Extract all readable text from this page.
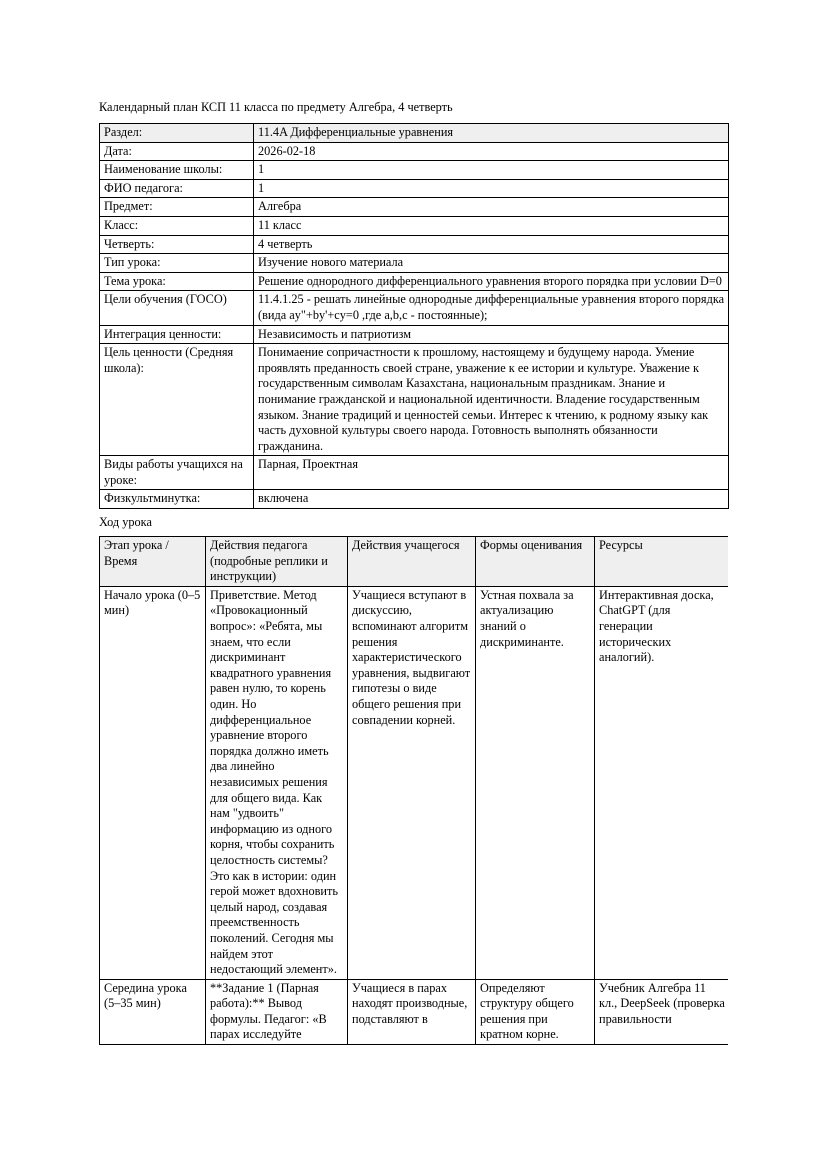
Календарный план КСП 11 класса по предмету Алгебра, 4 четверть

Раздел:	11.4A Дифференциальные уравнения
Дата:	2026-02-18
Наименование школы:	1
ФИО педагога:	1
Предмет:	Алгебра
Класс:	11 класс
Четверть:	4 четверть
Тип урока:	Изучение нового материала
Тема урока:	Решение однородного дифференциального уравнения второго порядка при условии D=0
Цели обучения (ГОСО)	11.4.1.25 - решать линейные однородные дифференциальные уравнения второго порядка (вида ay"+by'+cy=0 ,где a,b,c - постоянные);
Интеграция ценности:	Независимость и патриотизм
Цель ценности (Средняя школа):	Понимаение сопричастности к прошлому, настоящему и будущему народа. Умение проявлять преданность своей стране, уважение к ее истории и культуре. Уважение к государственным символам Казахстана, национальным праздникам. Знание и понимание гражданской и национальной идентичности. Владение государственным языком. Знание традиций и ценностей семьи. Интерес к чтению, к родному языку как часть духовной культуры своего народа. Готовность выполнять обязанности гражданина.
Виды работы учащихся на уроке:	Парная, Проектная
Физкультминутка:	включена

Ход урока

Этап урока / Время	Действия педагога (подробные реплики и инструкции)	Действия учащегося	Формы оценивания	Ресурсы
Начало урока (0–5 мин)	Приветствие. Метод «Провокационный вопрос»: «Ребята, мы знаем, что если дискриминант квадратного уравнения равен нулю, то корень один. Но дифференциальное уравнение второго порядка должно иметь два линейно независимых решения для общего вида. Как нам "удвоить" информацию из одного корня, чтобы сохранить целостность системы? Это как в истории: один герой может вдохновить целый народ, создавая преемственность поколений. Сегодня мы найдем этот недостающий элемент».	Учащиеся вступают в дискуссию, вспоминают алгоритм решения характеристического уравнения, выдвигают гипотезы о виде общего решения при совпадении корней.	Устная похвала за актуализацию знаний о дискриминанте.	Интерактивная доска, ChatGPT (для генерации исторических аналогий).
Середина урока (5–35 мин)	**Задание 1 (Парная работа):** Вывод формулы. Педагог: «В парах исследуйте	Учащиеся в парах находят производные, подставляют в	Определяют структуру общего решения при кратном корне.	Учебник Алгебра 11 кл., DeepSeek (проверка правильности
